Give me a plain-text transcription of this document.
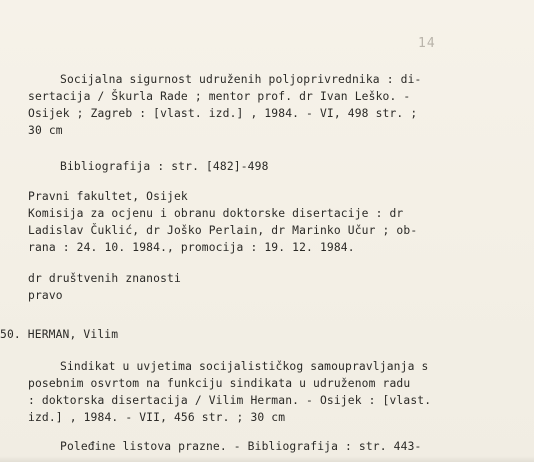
14
Socijalna sigurnost udruženih poljoprivrednika : di-
sertacija / Škurla Rade ; mentor prof. dr Ivan Leško. -
Osijek ; Zagreb : [vlast. izd.] , 1984. - VI, 498 str. ;
30 cm
Bibliografija : str. [482]-498
Pravni fakultet, Osijek
Komisija za ocjenu i obranu doktorske disertacije : dr
Ladislav Čuklić, dr Joško Perlain, dr Marinko Učur ; ob-
rana : 24. 10. 1984., promocija : 19. 12. 1984.
dr društvenih znanosti
pravo
50. HERMAN, Vilim
Sindikat u uvjetima socijalističkog samoupravljanja s
posebnim osvrtom na funkciju sindikata u udruženom radu
: doktorska disertacija / Vilim Herman. - Osijek : [vlast.
izd.] , 1984. - VII, 456 str. ; 30 cm
Poleđine listova prazne. - Bibliografija : str. 443-
